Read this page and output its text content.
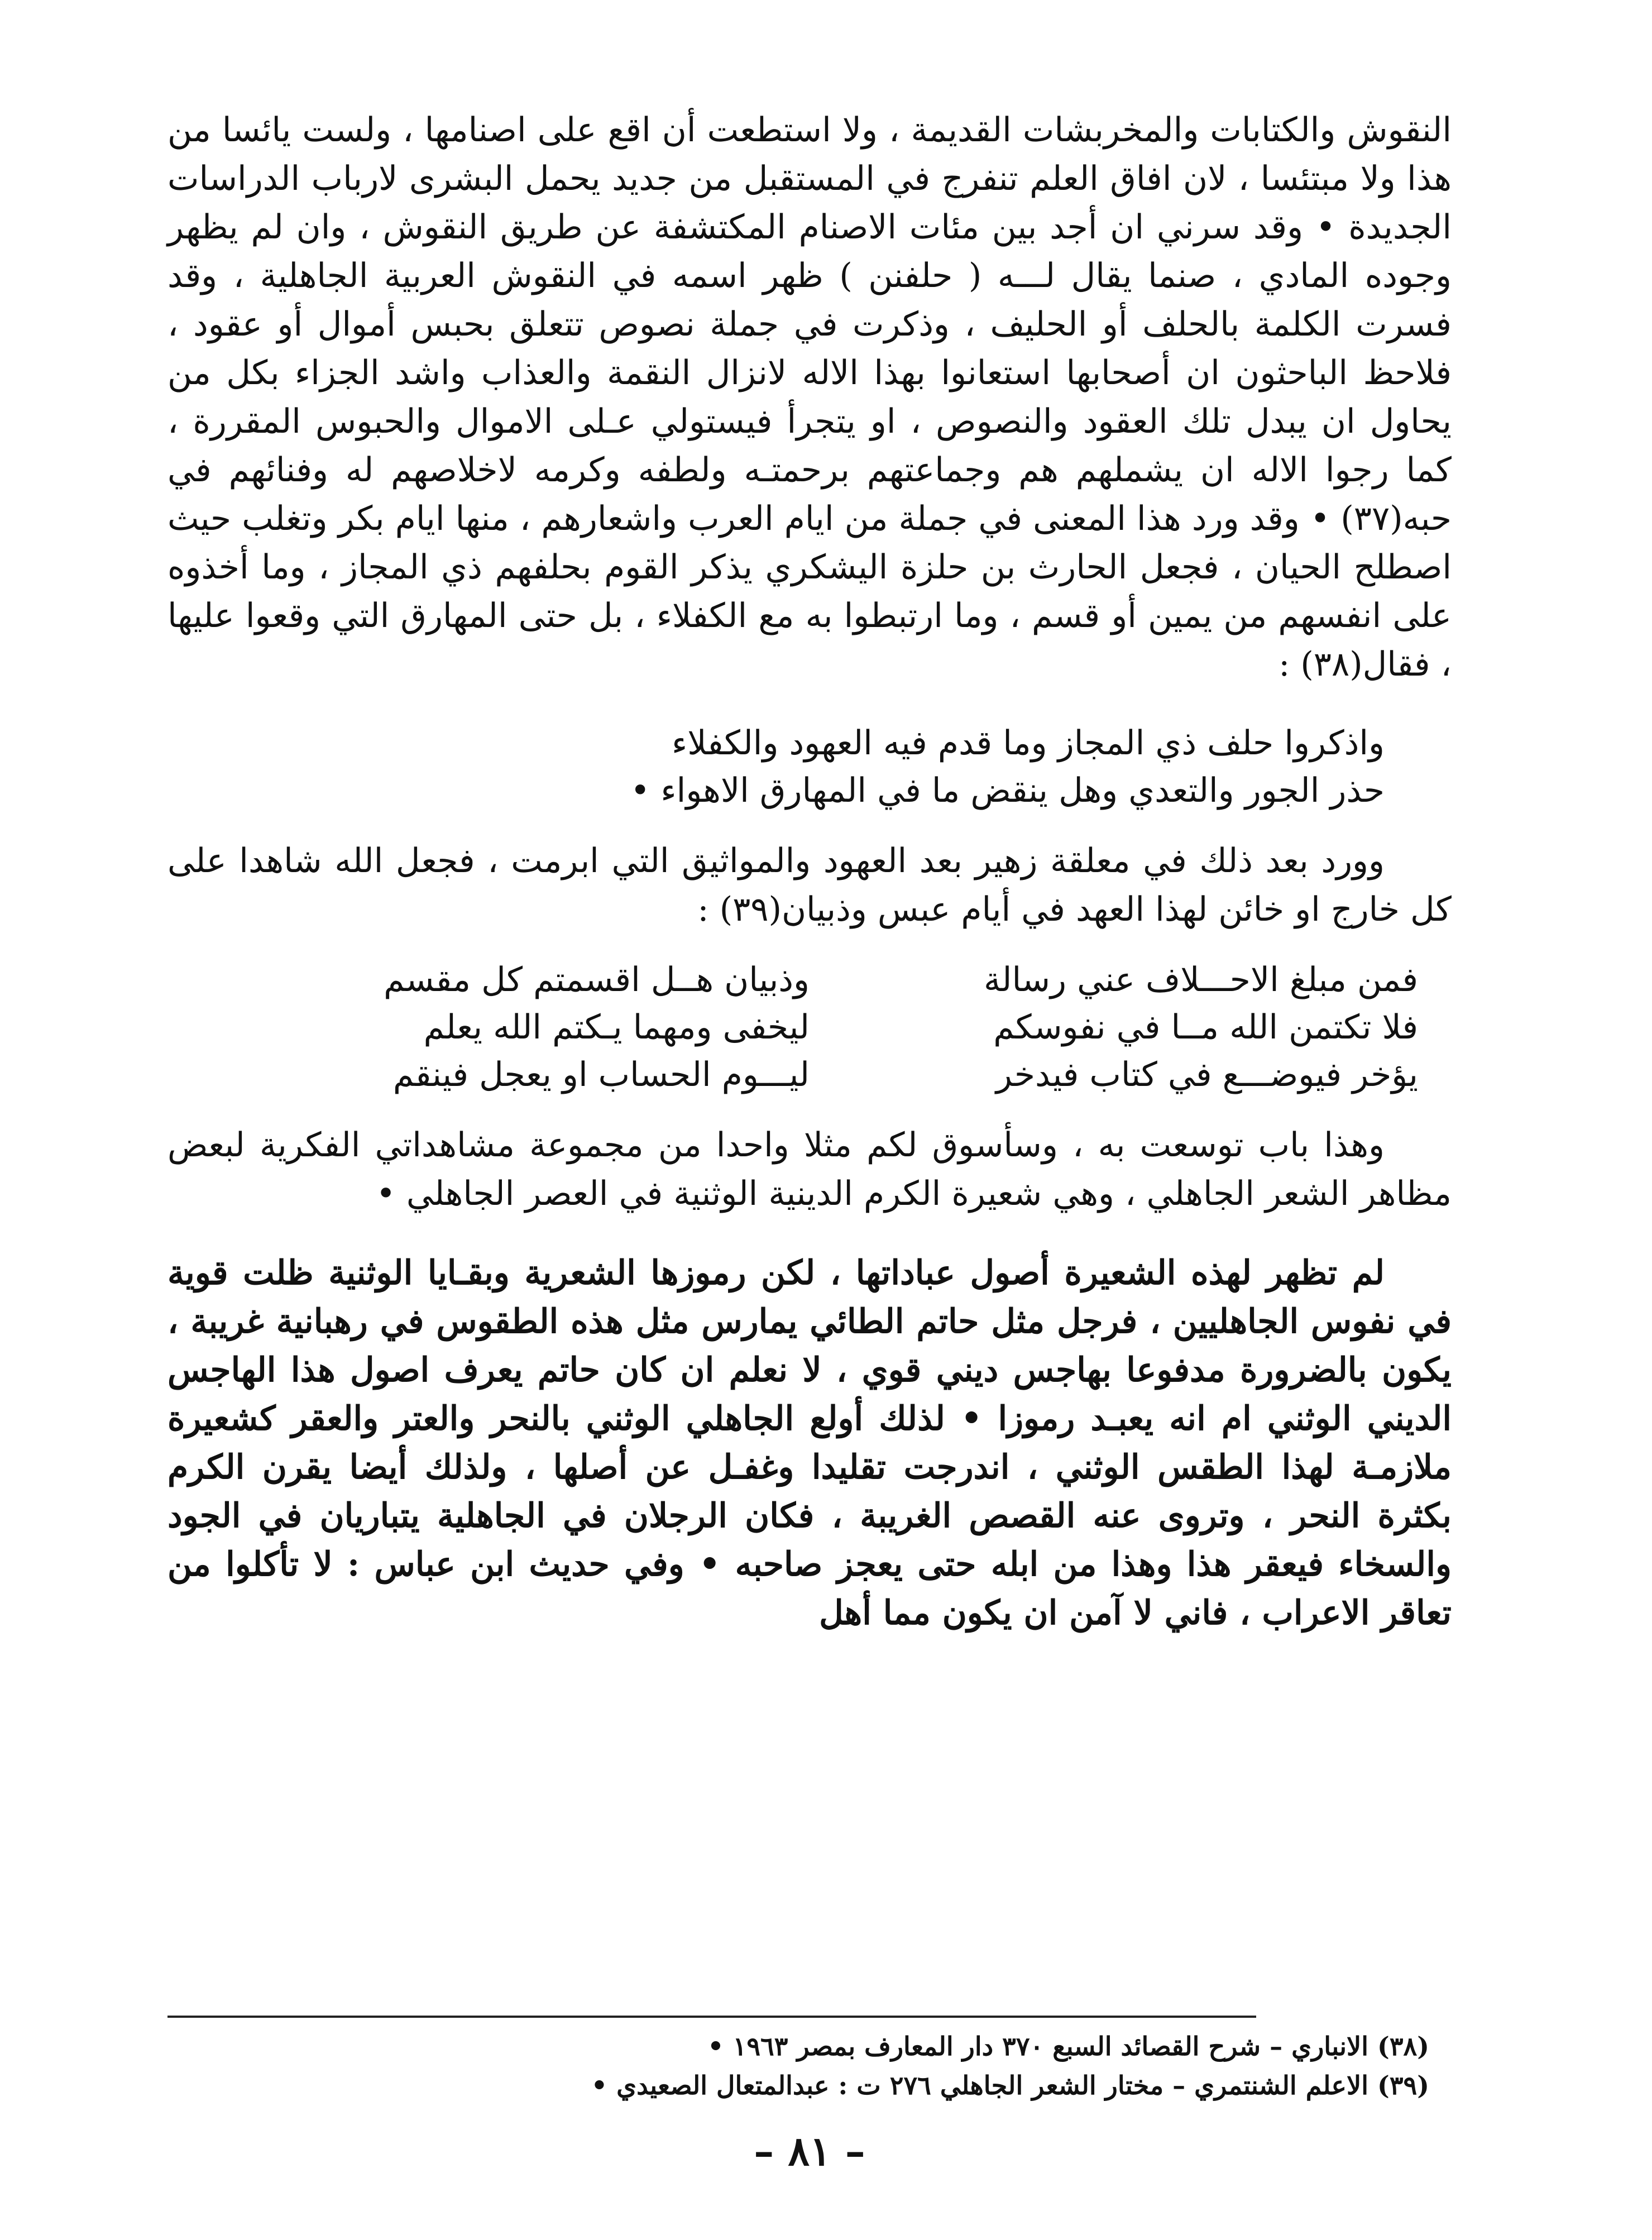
النقوش والكتابات والمخربشات القديمة ، ولا استطعت أن اقع على اصنامها ، ولست يائسا من هذا ولا مبتئسا ، لان افاق العلم تنفرج في المستقبل من جديد يحمل البشرى لارباب الدراسات الجديدة • وقد سرني ان أجد بين مئات الاصنام المكتشفة عن طريق النقوش ، وان لم يظهر وجوده المادي ، صنما يقال لـــه ( حلفنن ) ظهر اسمه في النقوش العربية الجاهلية ، وقد فسرت الكلمة بالحلف أو الحليف ، وذكرت في جملة نصوص تتعلق بحبس أموال أو عقود ، فلاحظ الباحثون ان أصحابها استعانوا بهذا الاله لانزال النقمة والعذاب واشد الجزاء بكل من يحاول ان يبدل تلك العقود والنصوص ، او يتجرأ فيستولي عـلى الاموال والحبوس المقررة ، كما رجوا الاله ان يشملهم هم وجماعتهم برحمتـه ولطفه وكرمه لاخلاصهم له وفنائهم في حبه(٣٧) • وقد ورد هذا المعنى في جملة من ايام العرب واشعارهم ، منها ايام بكر وتغلب حيث اصطلح الحيان ، فجعل الحارث بن حلزة اليشكري يذكر القوم بحلفهم ذي المجاز ، وما أخذوه على انفسهم من يمين أو قسم ، وما ارتبطوا به مع الكفلاء ، بل حتى المهارق التي وقعوا عليها ، فقال(٣٨) :

واذكروا حلف ذي المجاز وما قدم فيه العهود والكفلاء

حذر الجور والتعدي وهل ينقض ما في المهارق الاهواء •

وورد بعد ذلك في معلقة زهير بعد العهود والمواثيق التي ابرمت ، فجعل الله شاهدا على كل خارج او خائن لهذا العهد في أيام عبس وذبيان(٣٩) :

فمن مبلغ الاحـــلاف عني رسالة
وذبيان هــل اقسمتم كل مقسم
فلا تكتمن الله مــا في نفوسكم
ليخفى ومهما يـكتم الله يعلم
يؤخر فيوضـــع في كتاب فيدخر
ليـــوم الحساب او يعجل فينقم

وهذا باب توسعت به ، وسأسوق لكم مثلا واحدا من مجموعة مشاهداتي الفكرية لبعض مظاهر الشعر الجاهلي ، وهي شعيرة الكرم الدينية الوثنية في العصر الجاهلي •

لم تظهر لهذه الشعيرة أصول عباداتها ، لكن رموزها الشعرية وبقـايا الوثنية ظلت قوية في نفوس الجاهليين ، فرجل مثل حاتم الطائي يمارس مثل هذه الطقوس في رهبانية غريبة ، يكون بالضرورة مدفوعا بهاجس ديني قوي ، لا نعلم ان كان حاتم يعرف اصول هذا الهاجس الديني الوثني ام انه يعبـد رموزا • لذلك أولع الجاهلي الوثني بالنحر والعتر والعقر كشعيرة ملازمـة لهذا الطقس الوثني ، اندرجت تقليدا وغفـل عن أصلها ، ولذلك أيضا يقرن الكرم بكثرة النحر ، وتروى عنه القصص الغريبة ، فكان الرجلان في الجاهلية يتباريان في الجود والسخاء فيعقر هذا وهذا من ابله حتى يعجز صاحبه • وفي حديث ابن عباس : لا تأكلوا من تعاقر الاعراب ، فاني لا آمن ان يكون مما أهل

(٣٨) الانباري – شرح القصائد السبع ٣٧٠ دار المعارف بمصر ١٩٦٣ •

(٣٩) الاعلم الشنتمري – مختار الشعر الجاهلي ٢٧٦ ت : عبدالمتعال الصعيدي •

– ٨١ –
